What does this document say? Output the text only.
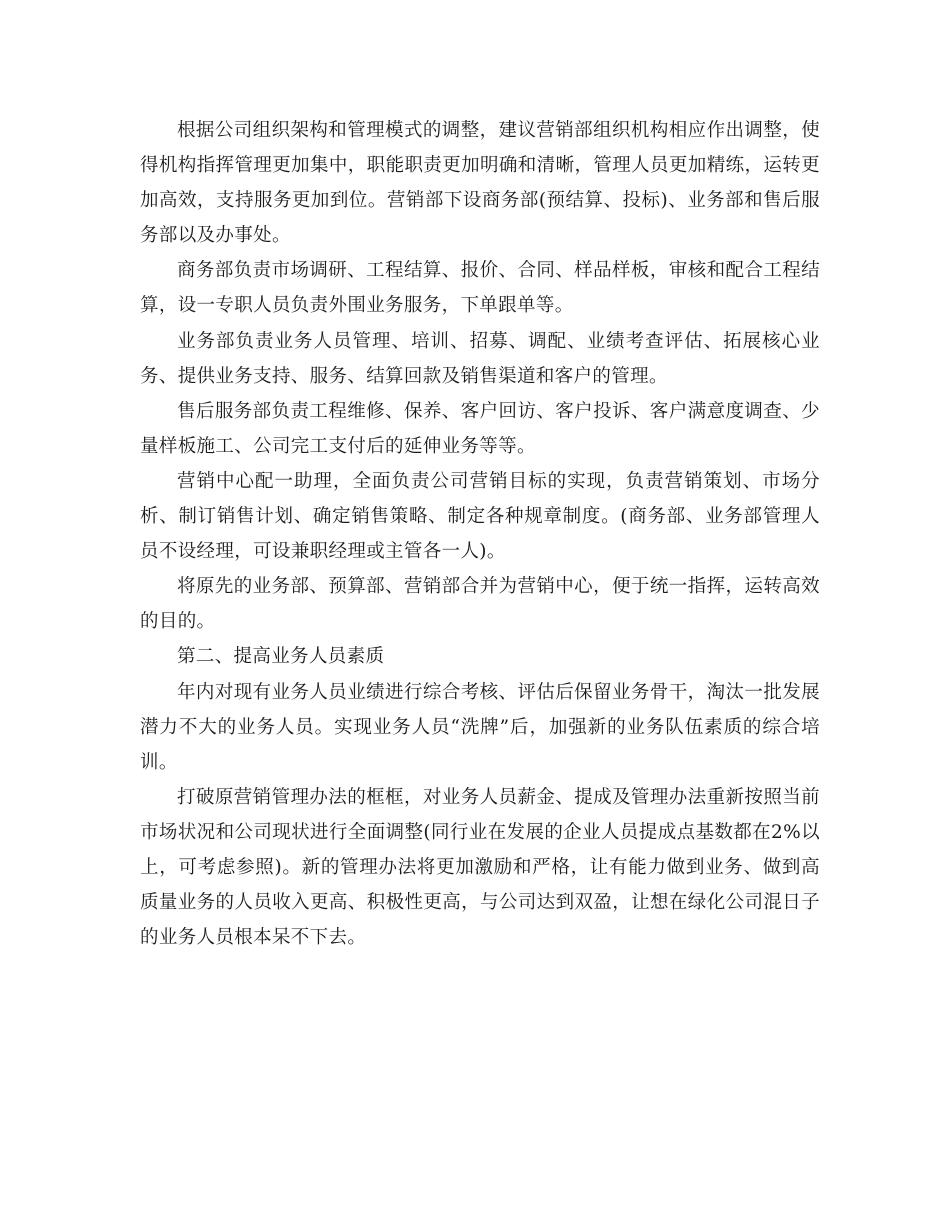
根据公司组织架构和管理模式的调整，建议营销部组织机构相应作出调整，使得机构指挥管理更加集中，职能职责更加明确和清晰，管理人员更加精练，运转更加高效，支持服务更加到位。营销部下设商务部(预结算、投标)、业务部和售后服务部以及办事处。

商务部负责市场调研、工程结算、报价、合同、样品样板，审核和配合工程结算，设一专职人员负责外围业务服务，下单跟单等。

业务部负责业务人员管理、培训、招募、调配、业绩考查评估、拓展核心业务、提供业务支持、服务、结算回款及销售渠道和客户的管理。

售后服务部负责工程维修、保养、客户回访、客户投诉、客户满意度调查、少量样板施工、公司完工支付后的延伸业务等等。

营销中心配一助理，全面负责公司营销目标的实现，负责营销策划、市场分析、制订销售计划、确定销售策略、制定各种规章制度。(商务部、业务部管理人员不设经理，可设兼职经理或主管各一人)。

将原先的业务部、预算部、营销部合并为营销中心，便于统一指挥，运转高效的目的。

第二、提高业务人员素质

年内对现有业务人员业绩进行综合考核、评估后保留业务骨干，淘汰一批发展潜力不大的业务人员。实现业务人员“洗牌”后，加强新的业务队伍素质的综合培训。

打破原营销管理办法的框框，对业务人员薪金、提成及管理办法重新按照当前市场状况和公司现状进行全面调整(同行业在发展的企业人员提成点基数都在2%以上，可考虑参照)。新的管理办法将更加激励和严格，让有能力做到业务、做到高质量业务的人员收入更高、积极性更高，与公司达到双盈，让想在绿化公司混日子的业务人员根本呆不下去。
